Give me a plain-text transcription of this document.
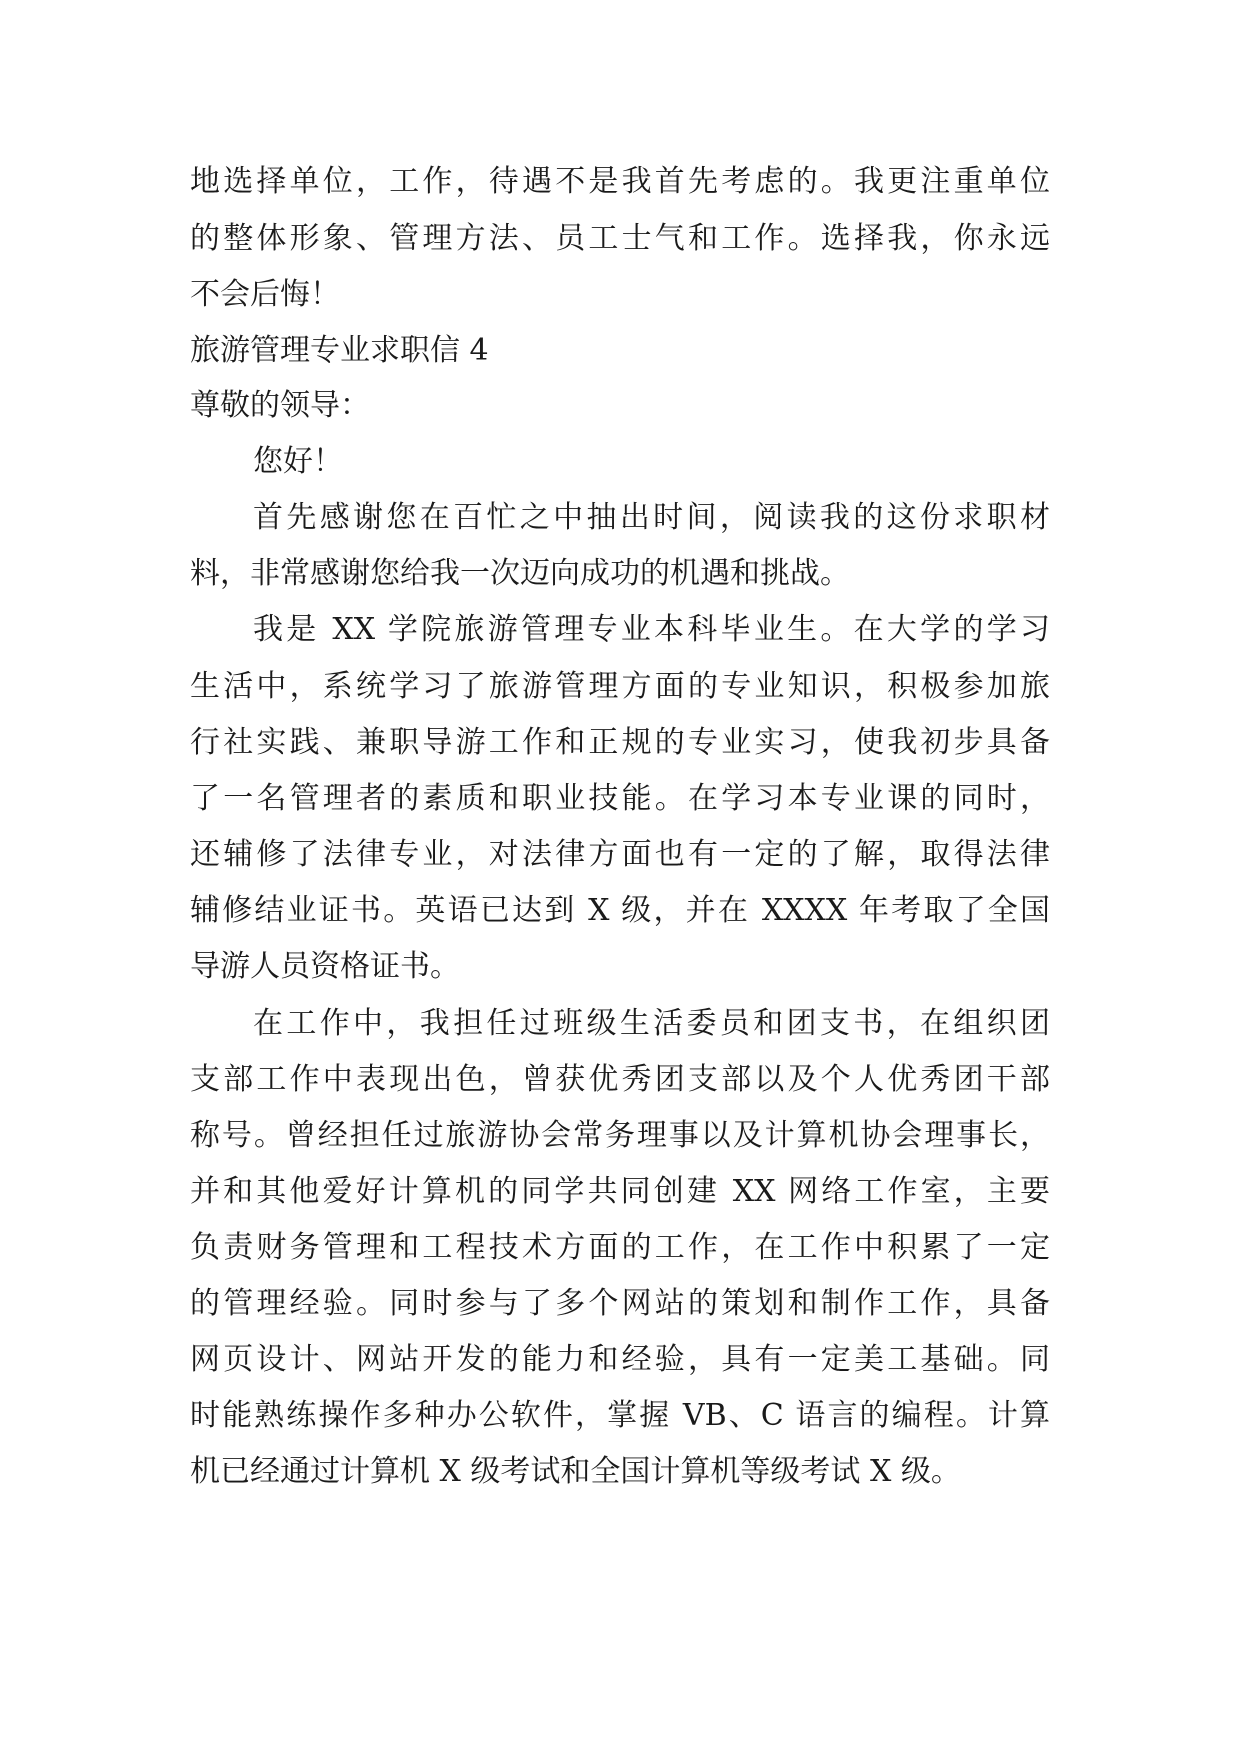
地选择单位，工作，待遇不是我首先考虑的。我更注重单位
的整体形象、管理方法、员工士气和工作。选择我，你永远
不会后悔！
旅游管理专业求职信 4
尊敬的领导：
您好！
首先感谢您在百忙之中抽出时间，阅读我的这份求职材
料，非常感谢您给我一次迈向成功的机遇和挑战。
我是 XX 学院旅游管理专业本科毕业生。在大学的学习
生活中，系统学习了旅游管理方面的专业知识，积极参加旅
行社实践、兼职导游工作和正规的专业实习，使我初步具备
了一名管理者的素质和职业技能。在学习本专业课的同时，
还辅修了法律专业，对法律方面也有一定的了解，取得法律
辅修结业证书。英语已达到 X 级，并在 XXXX 年考取了全国
导游人员资格证书。
在工作中，我担任过班级生活委员和团支书，在组织团
支部工作中表现出色，曾获优秀团支部以及个人优秀团干部
称号。曾经担任过旅游协会常务理事以及计算机协会理事长，
并和其他爱好计算机的同学共同创建 XX 网络工作室，主要
负责财务管理和工程技术方面的工作，在工作中积累了一定
的管理经验。同时参与了多个网站的策划和制作工作，具备
网页设计、网站开发的能力和经验，具有一定美工基础。同
时能熟练操作多种办公软件，掌握 VB、C 语言的编程。计算
机已经通过计算机 X 级考试和全国计算机等级考试 X 级。
